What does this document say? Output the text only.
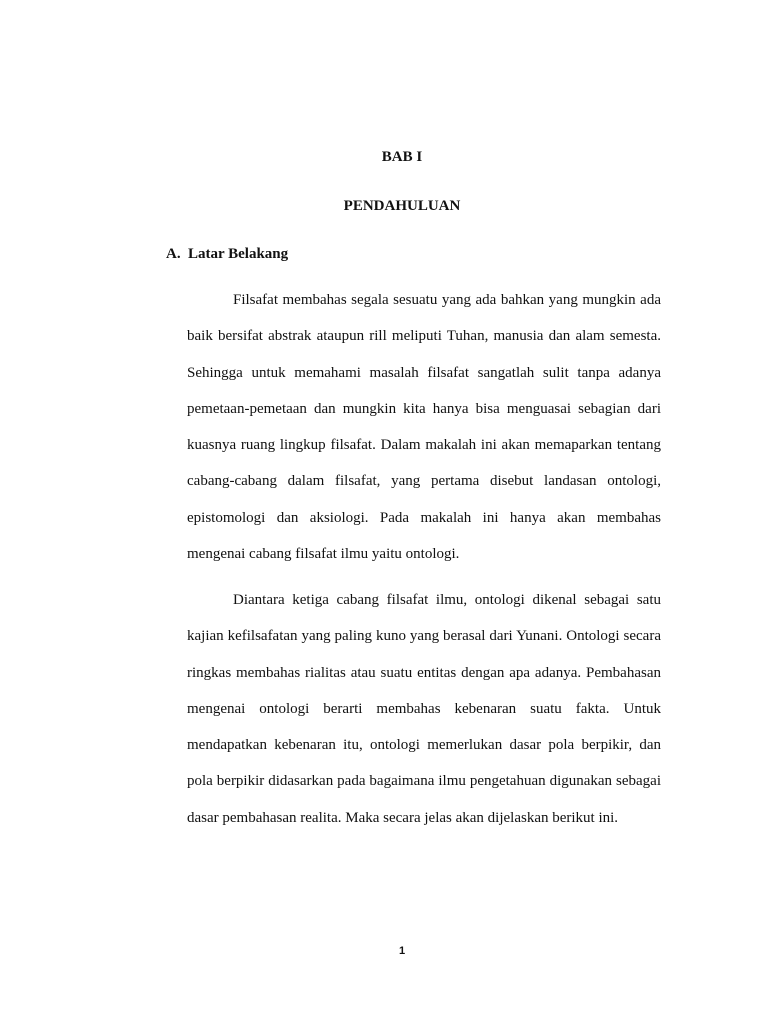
BAB I
PENDAHULUAN
A. Latar Belakang

Filsafat membahas segala sesuatu yang ada bahkan yang mungkin ada baik bersifat abstrak ataupun rill meliputi Tuhan, manusia dan alam semesta. Sehingga untuk memahami masalah filsafat sangatlah sulit tanpa adanya pemetaan-pemetaan dan mungkin kita hanya bisa menguasai sebagian dari kuasnya ruang lingkup filsafat. Dalam makalah ini akan memaparkan tentang cabang-cabang dalam filsafat, yang pertama disebut landasan ontologi, epistomologi dan aksiologi. Pada makalah ini hanya akan membahas mengenai cabang filsafat ilmu yaitu ontologi.

Diantara ketiga cabang filsafat ilmu, ontologi dikenal sebagai satu kajian kefilsafatan yang paling kuno yang berasal dari Yunani. Ontologi secara ringkas membahas rialitas atau suatu entitas dengan apa adanya. Pembahasan mengenai ontologi berarti membahas kebenaran suatu fakta. Untuk mendapatkan kebenaran itu, ontologi memerlukan dasar pola berpikir, dan pola berpikir didasarkan pada bagaimana ilmu pengetahuan digunakan sebagai dasar pembahasan realita. Maka secara jelas akan dijelaskan berikut ini.

1
